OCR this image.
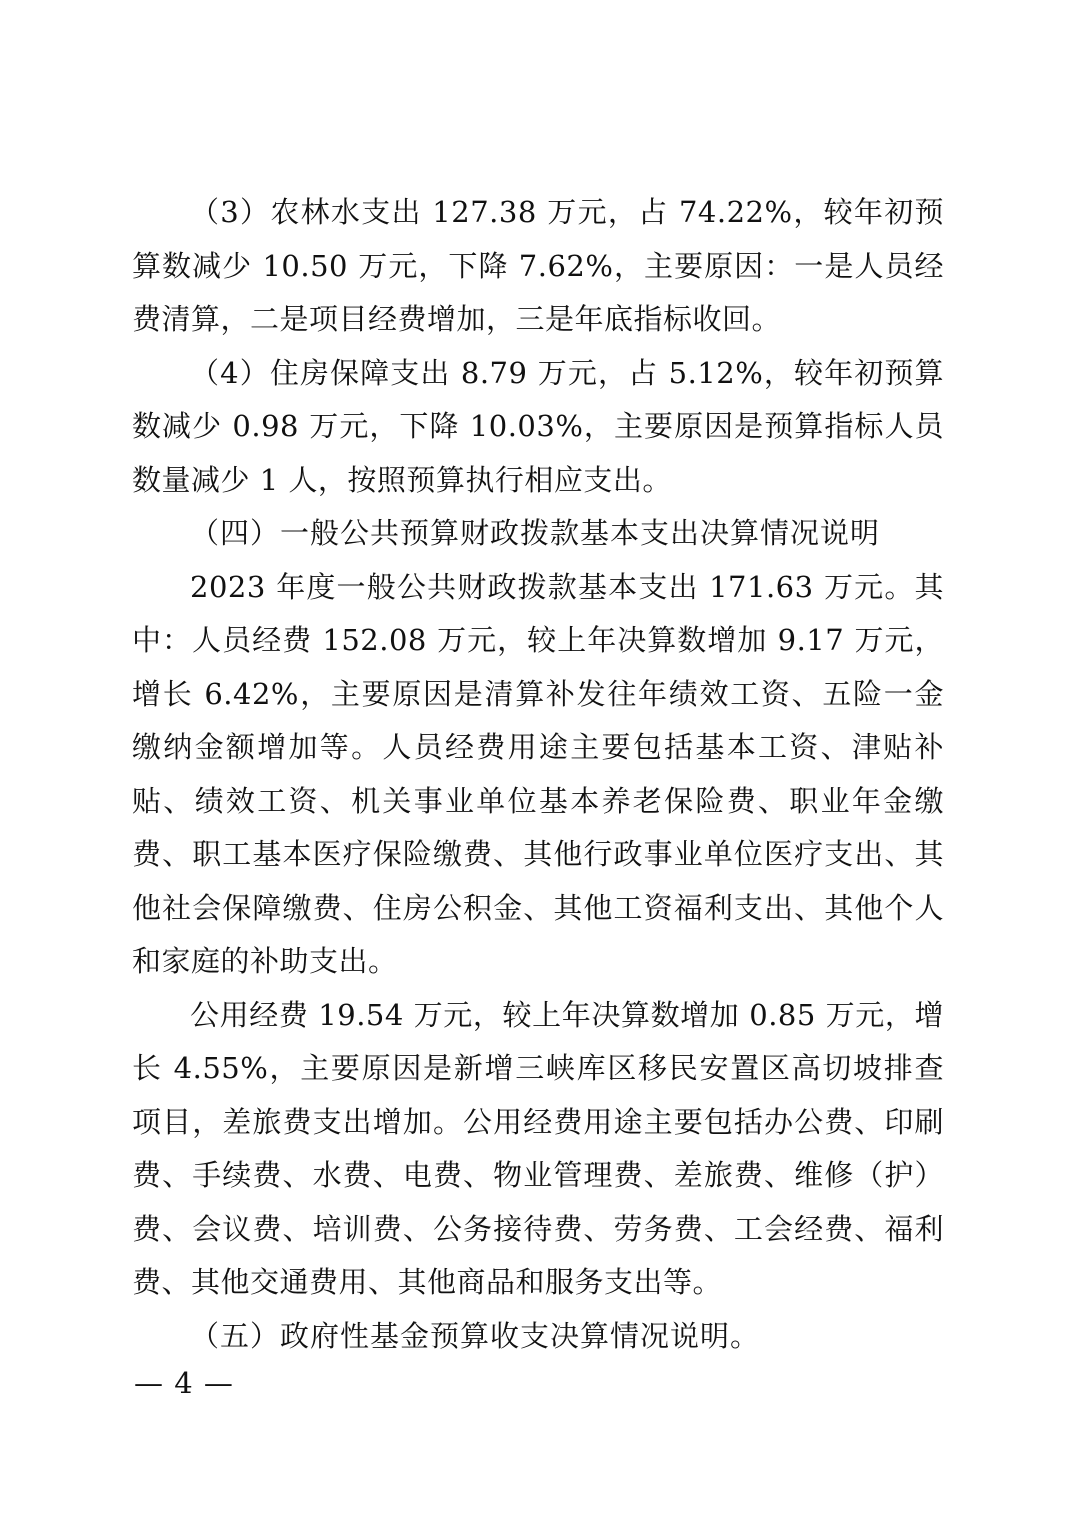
（3）农林水支出 127.38 万元，占 74.22%，较年初预算数减少 10.50 万元，下降 7.62%，主要原因：一是人员经费清算，二是项目经费增加，三是年底指标收回。

（4）住房保障支出 8.79 万元，占 5.12%，较年初预算数减少 0.98 万元，下降 10.03%，主要原因是预算指标人员数量减少 1 人，按照预算执行相应支出。

（四）一般公共预算财政拨款基本支出决算情况说明

2023 年度一般公共财政拨款基本支出 171.63 万元。其中：人员经费 152.08 万元，较上年决算数增加 9.17 万元，增长 6.42%，主要原因是清算补发往年绩效工资、五险一金缴纳金额增加等。人员经费用途主要包括基本工资、津贴补贴、绩效工资、机关事业单位基本养老保险费、职业年金缴费、职工基本医疗保险缴费、其他行政事业单位医疗支出、其他社会保障缴费、住房公积金、其他工资福利支出、其他个人和家庭的补助支出。

公用经费 19.54 万元，较上年决算数增加 0.85 万元，增长 4.55%，主要原因是新增三峡库区移民安置区高切坡排查项目，差旅费支出增加。公用经费用途主要包括办公费、印刷费、手续费、水费、电费、物业管理费、差旅费、维修（护）费、会议费、培训费、公务接待费、劳务费、工会经费、福利费、其他交通费用、其他商品和服务支出等。

（五）政府性基金预算收支决算情况说明。

— 4 —
